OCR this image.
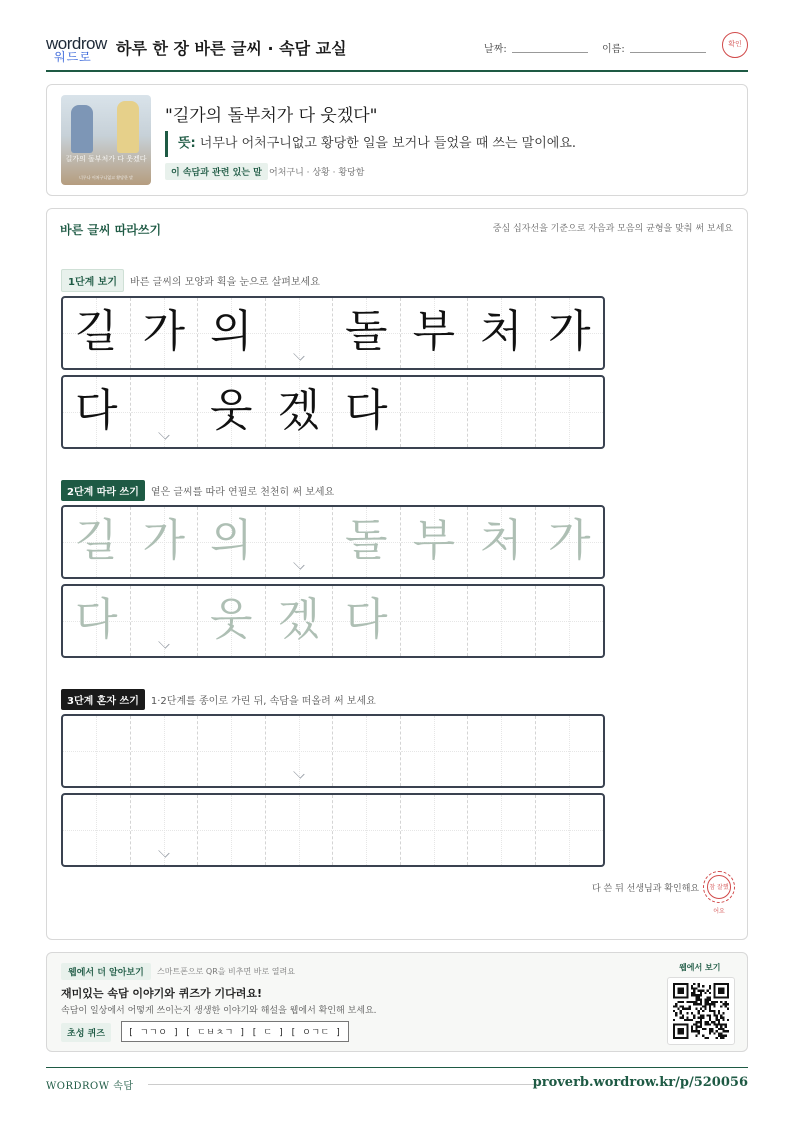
wordrow
워드로 하루 한 장 바른 글씨 · 속담 교실	날짜:	이름:	확인
길가의 돌부처가 다 웃겠다
너무나 어처구니없고 황당한 말
"길가의 돌부처가 다 웃겠다"
뜻: 너무나 어처구니없고 황당한 일을 보거나 들었을 때 쓰는 말이에요.
이 속담과 관련 있는 말 어처구니 · 상황 · 황당함
바른 글씨 따라쓰기	중심 십자선을 기준으로 자음과 모음의 균형을 맞춰 써 보세요
1단계 보기 바른 글씨의 모양과 획을 눈으로 살펴보세요
길 가 의 돌 부 처 가
다 웃 겠 다
2단계 따라 쓰기 옅은 글씨를 따라 연필로 천천히 써 보세요
길 가 의 돌 부 처 가
다 웃 겠 다
3단계 혼자 쓰기 1·2단계를 종이로 가린 뒤, 속담을 떠올려 써 보세요
다 쓴 뒤 선생님과 확인해요	참 잘했어요
웹에서 더 알아보기	스마트폰으로 QR을 비추면 바로 열려요
재미있는 속담 이야기와 퀴즈가 기다려요!
속담이 일상에서 어떻게 쓰이는지 생생한 이야기와 해설을 웹에서 확인해 보세요.
초성 퀴즈	[ ㄱㄱㅇ ] [ ㄷㅂㅊㄱ ] [ ㄷ ] [ ㅇㄱㄷ ]
웹에서 보기
WORDROW 속담	proverb.wordrow.kr/p/520056
